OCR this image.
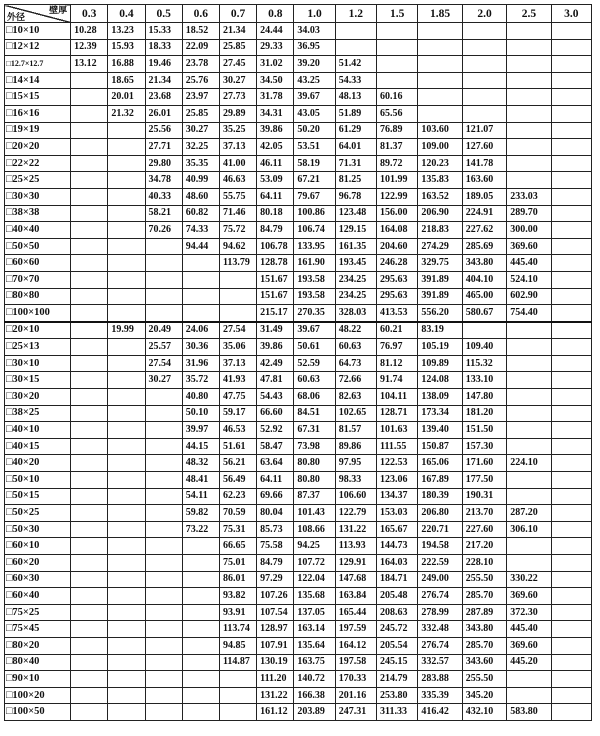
壁厚
外径	0.3	0.4	0.5	0.6	0.7	0.8	1.0	1.2	1.5	1.85	2.0	2.5	3.0
□10×10	10.28	13.23	15.33	18.52	21.34	24.44	34.03						
□12×12	12.39	15.93	18.33	22.09	25.85	29.33	36.95						
□12.7×12.7	13.12	16.88	19.46	23.78	27.45	31.02	39.20	51.42					
□14×14		18.65	21.34	25.76	30.27	34.50	43.25	54.33					
□15×15		20.01	23.68	23.97	27.73	31.78	39.67	48.13	60.16				
□16×16		21.32	26.01	25.85	29.89	34.31	43.05	51.89	65.56				
□19×19			25.56	30.27	35.25	39.86	50.20	61.29	76.89	103.60	121.07		
□20×20			27.71	32.25	37.13	42.05	53.51	64.01	81.37	109.00	127.60		
□22×22			29.80	35.35	41.00	46.11	58.19	71.31	89.72	120.23	141.78		
□25×25			34.78	40.99	46.63	53.09	67.21	81.25	101.99	135.83	163.60		
□30×30			40.33	48.60	55.75	64.11	79.67	96.78	122.99	163.52	189.05	233.03	
□38×38			58.21	60.82	71.46	80.18	100.86	123.48	156.00	206.90	224.91	289.70	
□40×40			70.26	74.33	75.72	84.79	106.74	129.15	164.08	218.83	227.62	300.00	
□50×50				94.44	94.62	106.78	133.95	161.35	204.60	274.29	285.69	369.60	
□60×60					113.79	128.78	161.90	193.45	246.28	329.75	343.80	445.40	
□70×70						151.67	193.58	234.25	295.63	391.89	404.10	524.10	
□80×80						151.67	193.58	234.25	295.63	391.89	465.00	602.90	
□100×100						215.17	270.35	328.03	413.53	556.20	580.67	754.40	
□20×10		19.99	20.49	24.06	27.54	31.49	39.67	48.22	60.21	83.19			
□25×13			25.57	30.36	35.06	39.86	50.61	60.63	76.97	105.19	109.40		
□30×10			27.54	31.96	37.13	42.49	52.59	64.73	81.12	109.89	115.32		
□30×15			30.27	35.72	41.93	47.81	60.63	72.66	91.74	124.08	133.10		
□30×20				40.80	47.75	54.43	68.06	82.63	104.11	138.09	147.80		
□38×25				50.10	59.17	66.60	84.51	102.65	128.71	173.34	181.20		
□40×10				39.97	46.53	52.92	67.31	81.57	101.63	139.40	151.50		
□40×15				44.15	51.61	58.47	73.98	89.86	111.55	150.87	157.30		
□40×20				48.32	56.21	63.64	80.80	97.95	122.53	165.06	171.60	224.10	
□50×10				48.41	56.49	64.11	80.80	98.33	123.06	167.89	177.50		
□50×15				54.11	62.23	69.66	87.37	106.60	134.37	180.39	190.31		
□50×25				59.82	70.59	80.04	101.43	122.79	153.03	206.80	213.70	287.20	
□50×30				73.22	75.31	85.73	108.66	131.22	165.67	220.71	227.60	306.10	
□60×10					66.65	75.58	94.25	113.93	144.73	194.58	217.20		
□60×20					75.01	84.79	107.72	129.91	164.03	222.59	228.10		
□60×30					86.01	97.29	122.04	147.68	184.71	249.00	255.50	330.22	
□60×40					93.82	107.26	135.68	163.84	205.48	276.74	285.70	369.60	
□75×25					93.91	107.54	137.05	165.44	208.63	278.99	287.89	372.30	
□75×45					113.74	128.97	163.14	197.59	245.72	332.48	343.80	445.40	
□80×20					94.85	107.91	135.64	164.12	205.54	276.74	285.70	369.60	
□80×40					114.87	130.19	163.75	197.58	245.15	332.57	343.60	445.20	
□90×10						111.20	140.72	170.33	214.79	283.88	255.50		
□100×20						131.22	166.38	201.16	253.80	335.39	345.20		
□100×50						161.12	203.89	247.31	311.33	416.42	432.10	583.80	
